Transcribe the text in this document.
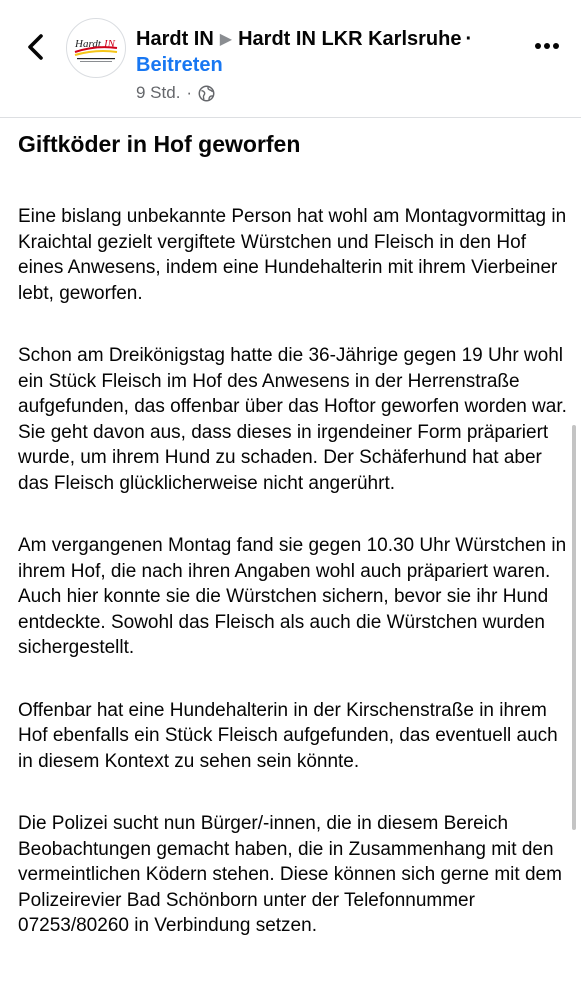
Hardt IN Hardt IN ▶ Hardt IN LKR Karlsruhe ·
Beitreten
9 Std. ·
Giftköder in Hof geworfen

Eine bislang unbekannte Person hat wohl am Montagvormittag in Kraichtal gezielt vergiftete Würstchen und Fleisch in den Hof eines Anwesens, indem eine Hundehalterin mit ihrem Vierbeiner lebt, geworfen.

Schon am Dreikönigstag hatte die 36-Jährige gegen 19 Uhr wohl ein Stück Fleisch im Hof des Anwesens in der Herrenstraße aufgefunden, das offenbar über das Hoftor geworfen worden war. Sie geht davon aus, dass dieses in irgendeiner Form präpariert wurde, um ihrem Hund zu schaden. Der Schäferhund hat aber das Fleisch glücklicherweise nicht angerührt.

Am vergangenen Montag fand sie gegen 10.30 Uhr Würstchen in ihrem Hof, die nach ihren Angaben wohl auch präpariert waren. Auch hier konnte sie die Würstchen sichern, bevor sie ihr Hund entdeckte. Sowohl das Fleisch als auch die Würstchen wurden sichergestellt.

Offenbar hat eine Hundehalterin in der Kirschenstraße in ihrem Hof ebenfalls ein Stück Fleisch aufgefunden, das eventuell auch in diesem Kontext zu sehen sein könnte.

Die Polizei sucht nun Bürger/-innen, die in diesem Bereich Beobachtungen gemacht haben, die in Zusammenhang mit den vermeintlichen Ködern stehen. Diese können sich gerne mit dem Polizeirevier Bad Schönborn unter der Telefonnummer 07253/80260 in Verbindung setzen.
